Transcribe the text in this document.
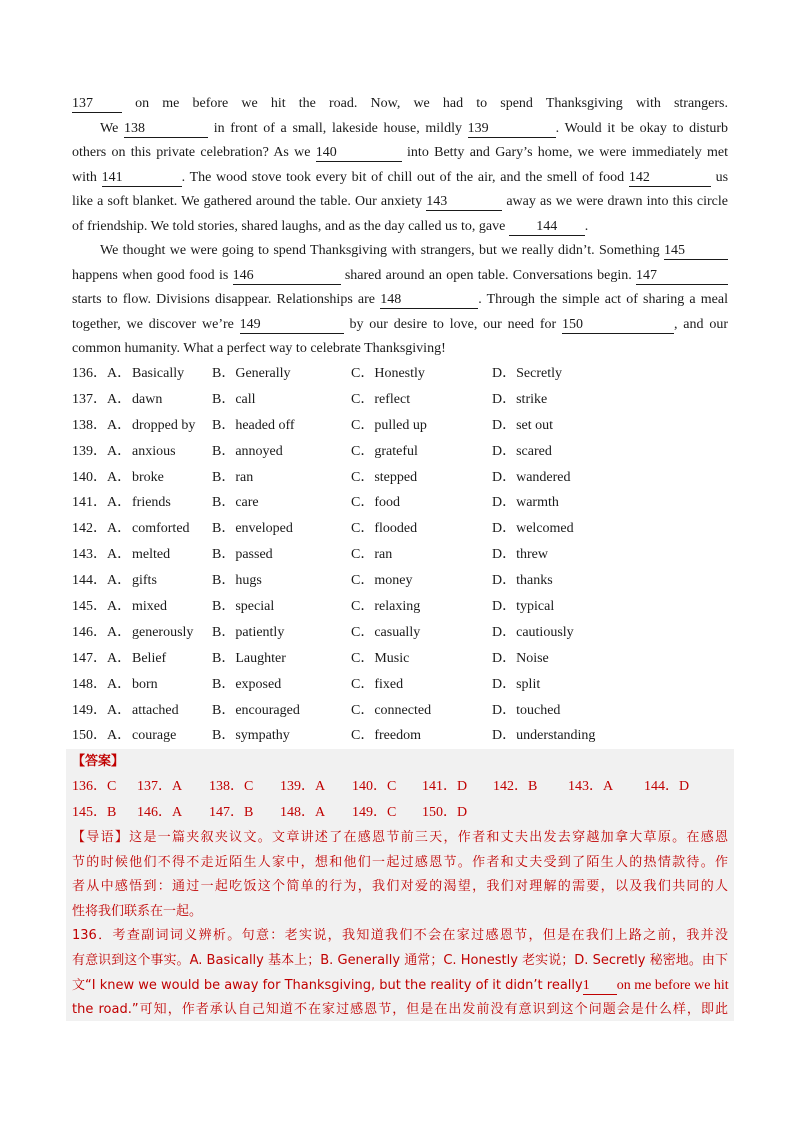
137	on me before we hit the road. Now, we had to spend Thanksgiving with strangers.
We 138	in front of a small, lakeside house, mildly 139	. Would it be okay to disturb
others on this private celebration? As we 140	into Betty and Gary’s home, we were immediately met
with 141	. The wood stove took every bit of chill out of the air, and the smell of food 142	us
like a soft blanket. We gathered around the table. Our anxiety 143	away as we were drawn into this circle
of friendship. We told stories, shared laughs, and as the day called us to, gave 144 .
We thought we were going to spend Thanksgiving with strangers, but we really didn’t. Something 145
happens when good food is 146	shared around an open table. Conversations begin. 147
starts to flow. Divisions disappear. Relationships are 148	. Through the simple act of sharing a meal
together, we discover we’re 149	by our desire to love, our need for 150	, and our
common humanity. What a perfect way to celebrate Thanksgiving!
136．A． Basically B．Generally	C．Honestly	D．Secretly
137．A． dawn	B．call	C．reflect	D．strike
138．A． dropped by B．headed off	C．pulled up	D．set out
139．A． anxious	B．annoyed	C．grateful	D．scared
140．A． broke	B．ran	C．stepped	D．wandered
141．A． friends	B．care	C．food	D．warmth
142．A． comforted B．enveloped	C．flooded	D．welcomed
143．A． melted	B．passed	C．ran	D．threw
144．A． gifts	B．hugs	C．money	D．thanks
145．A． mixed	B．special	C．relaxing	D．typical
146．A． generously B．patiently	C．casually	D．cautiously
147．A． Belief	B．Laughter	C．Music	D．Noise
148．A． born	B．exposed	C．fixed	D．split
149．A． attached B．encouraged	C．connected	D．touched
150．A． courage	B．sympathy	C．freedom	D．understanding
【答案】
136．C 137．A 138．C 139．A 140．C 141．D 142．B 143．A 144．D
145．B 146．A 147．B 148．A 149．C 150．D
【导语】这是一篇夹叙夹议文。文章讲述了在感恩节前三天，作者和丈夫出发去穿越加拿大草原。在感恩
节的时候他们不得不走近陌生人家中，想和他们一起过感恩节。作者和丈夫受到了陌生人的热情款待。作
者从中感悟到：通过一起吃饭这个简单的行为，我们对爱的渴望，我们对理解的需要，以及我们共同的人
性将我们联系在一起。
136．考查副词词义辨析。句意：老实说，我知道我们不会在家过感恩节，但是在我们上路之前，我并没
有意识到这个事实。A. Basically 基本上；B. Generally 通常；C. Honestly 老实说；D. Secretly 秘密地。由下
文“I knew we would be away for Thanksgiving, but the reality of it didn’t really1 on me before we hit
the road.”可知，作者承认自己知道不在家过感恩节，但是在出发前没有意识到这个问题会是什么样，即此
